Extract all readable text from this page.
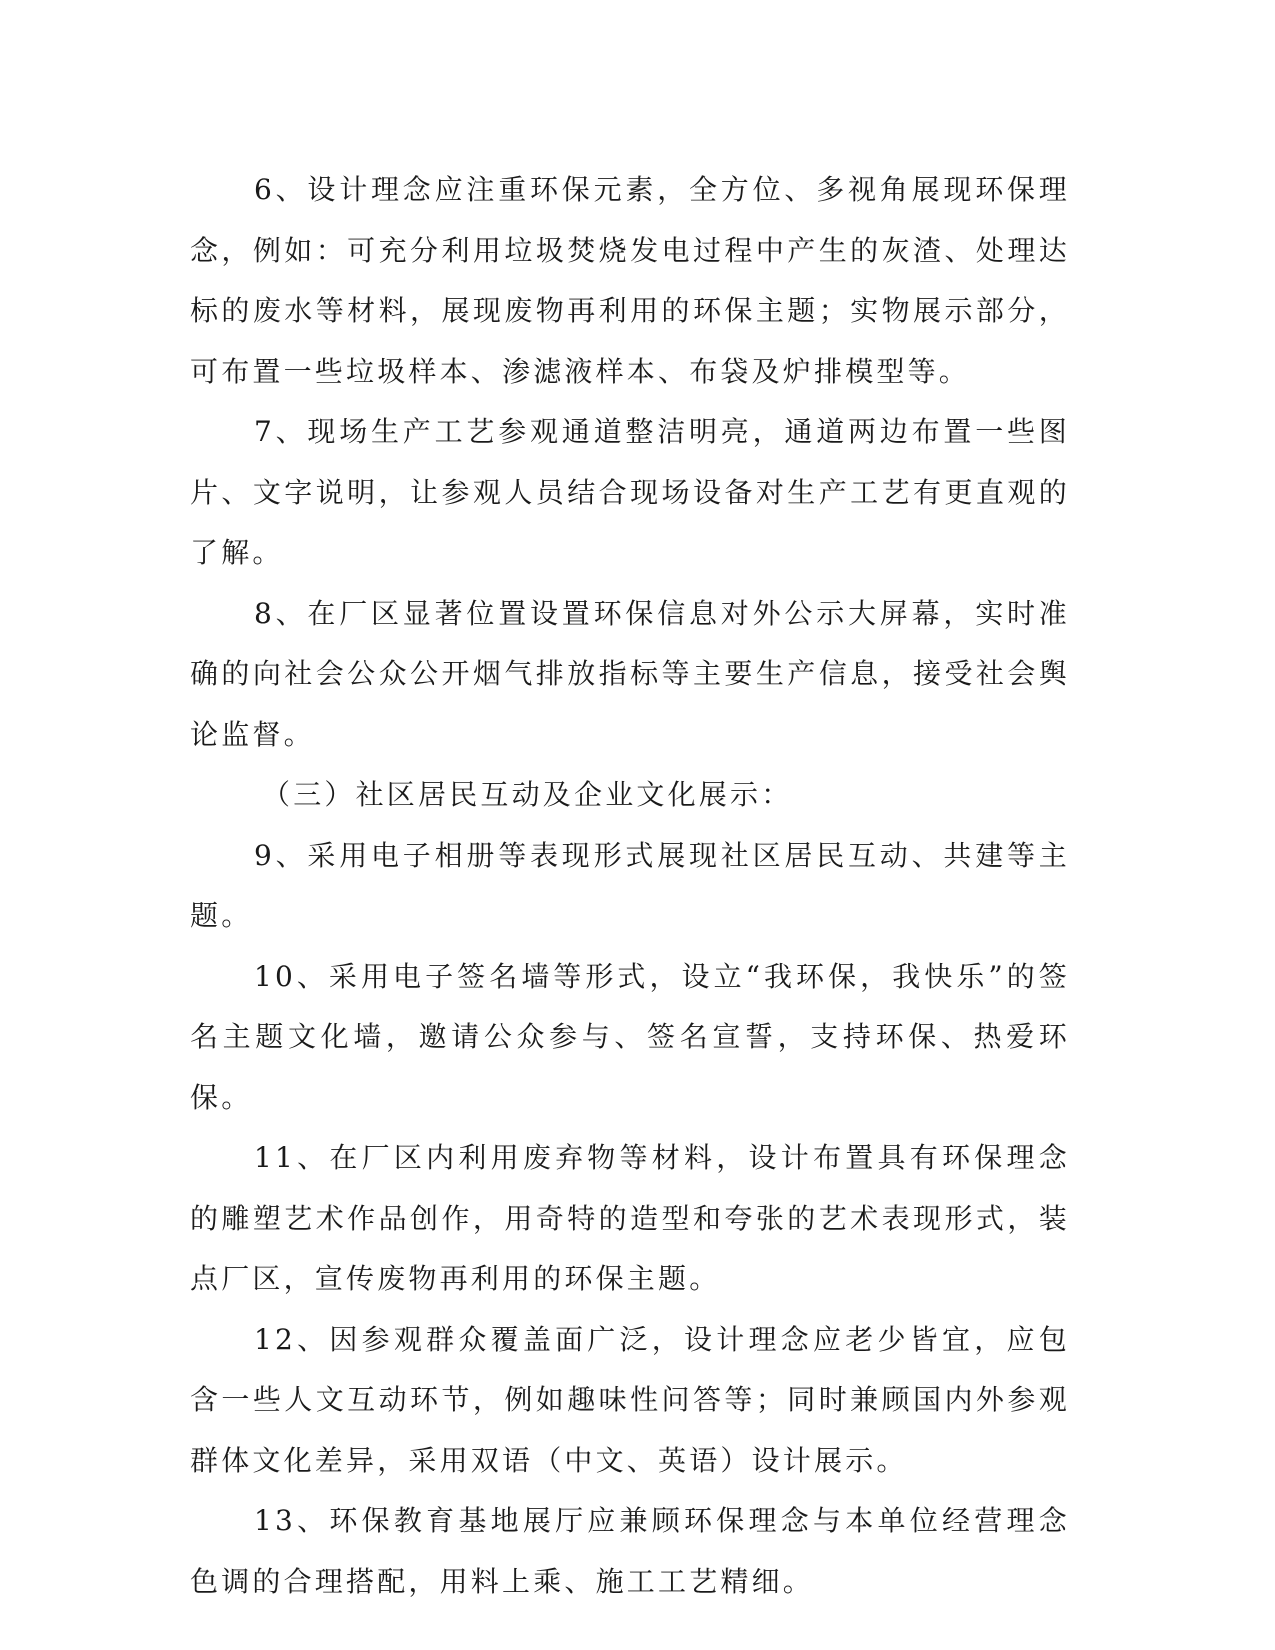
6、设计理念应注重环保元素，全方位、多视角展现环保理念，例如：可充分利用垃圾焚烧发电过程中产生的灰渣、处理达标的废水等材料，展现废物再利用的环保主题；实物展示部分，可布置一些垃圾样本、渗滤液样本、布袋及炉排模型等。

7、现场生产工艺参观通道整洁明亮，通道两边布置一些图片、文字说明，让参观人员结合现场设备对生产工艺有更直观的了解。

8、在厂区显著位置设置环保信息对外公示大屏幕，实时准确的向社会公众公开烟气排放指标等主要生产信息，接受社会舆论监督。

（三）社区居民互动及企业文化展示：

9、采用电子相册等表现形式展现社区居民互动、共建等主题。

10、采用电子签名墙等形式，设立“我环保，我快乐”的签名主题文化墙，邀请公众参与、签名宣誓，支持环保、热爱环保。

11、在厂区内利用废弃物等材料，设计布置具有环保理念的雕塑艺术作品创作，用奇特的造型和夸张的艺术表现形式，装点厂区，宣传废物再利用的环保主题。

12、因参观群众覆盖面广泛，设计理念应老少皆宜，应包含一些人文互动环节，例如趣味性问答等；同时兼顾国内外参观群体文化差异，采用双语（中文、英语）设计展示。

13、环保教育基地展厅应兼顾环保理念与本单位经营理念色调的合理搭配，用料上乘、施工工艺精细。
